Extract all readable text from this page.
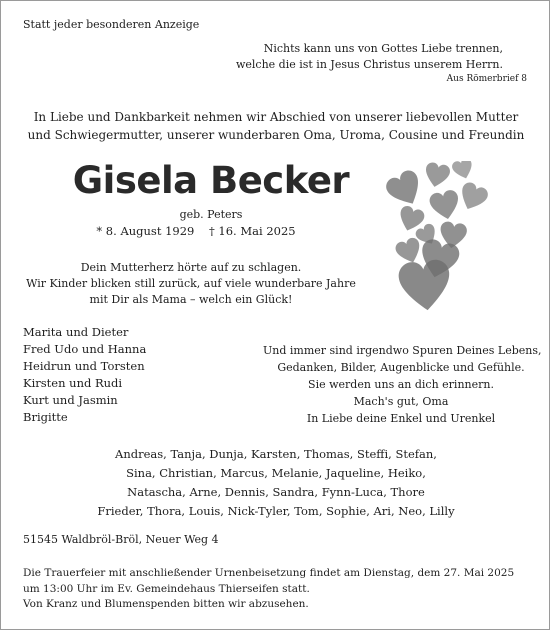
Statt jeder besonderen Anzeige
Nichts kann uns von Gottes Liebe trennen,
welche die ist in Jesus Christus unserem Herrn.
Aus Römerbrief 8
In Liebe und Dankbarkeit nehmen wir Abschied von unserer liebevollen Mutter
und Schwiegermutter, unserer wunderbaren Oma, Uroma, Cousine und Freundin
Gisela Becker
geb. Peters
* 8. August 1929 † 16. Mai 2025
Dein Mutterherz hörte auf zu schlagen.
Wir Kinder blicken still zurück, auf viele wunderbare Jahre
mit Dir als Mama – welch ein Glück!
Marita und Dieter
Fred Udo und Hanna
Heidrun und Torsten
Kirsten und Rudi
Kurt und Jasmin
Brigitte
Und immer sind irgendwo Spuren Deines Lebens,
Gedanken, Bilder, Augenblicke und Gefühle.
Sie werden uns an dich erinnern.
Mach's gut, Oma
In Liebe deine Enkel und Urenkel
Andreas, Tanja, Dunja, Karsten, Thomas, Steffi, Stefan,
Sina, Christian, Marcus, Melanie, Jaqueline, Heiko,
Natascha, Arne, Dennis, Sandra, Fynn-Luca, Thore
Frieder, Thora, Louis, Nick-Tyler, Tom, Sophie, Ari, Neo, Lilly
51545 Waldbröl-Bröl, Neuer Weg 4
Die Trauerfeier mit anschließender Urnenbeisetzung findet am Dienstag, dem 27. Mai 2025
um 13:00 Uhr im Ev. Gemeindehaus Thierseifen statt.
Von Kranz und Blumenspenden bitten wir abzusehen.
